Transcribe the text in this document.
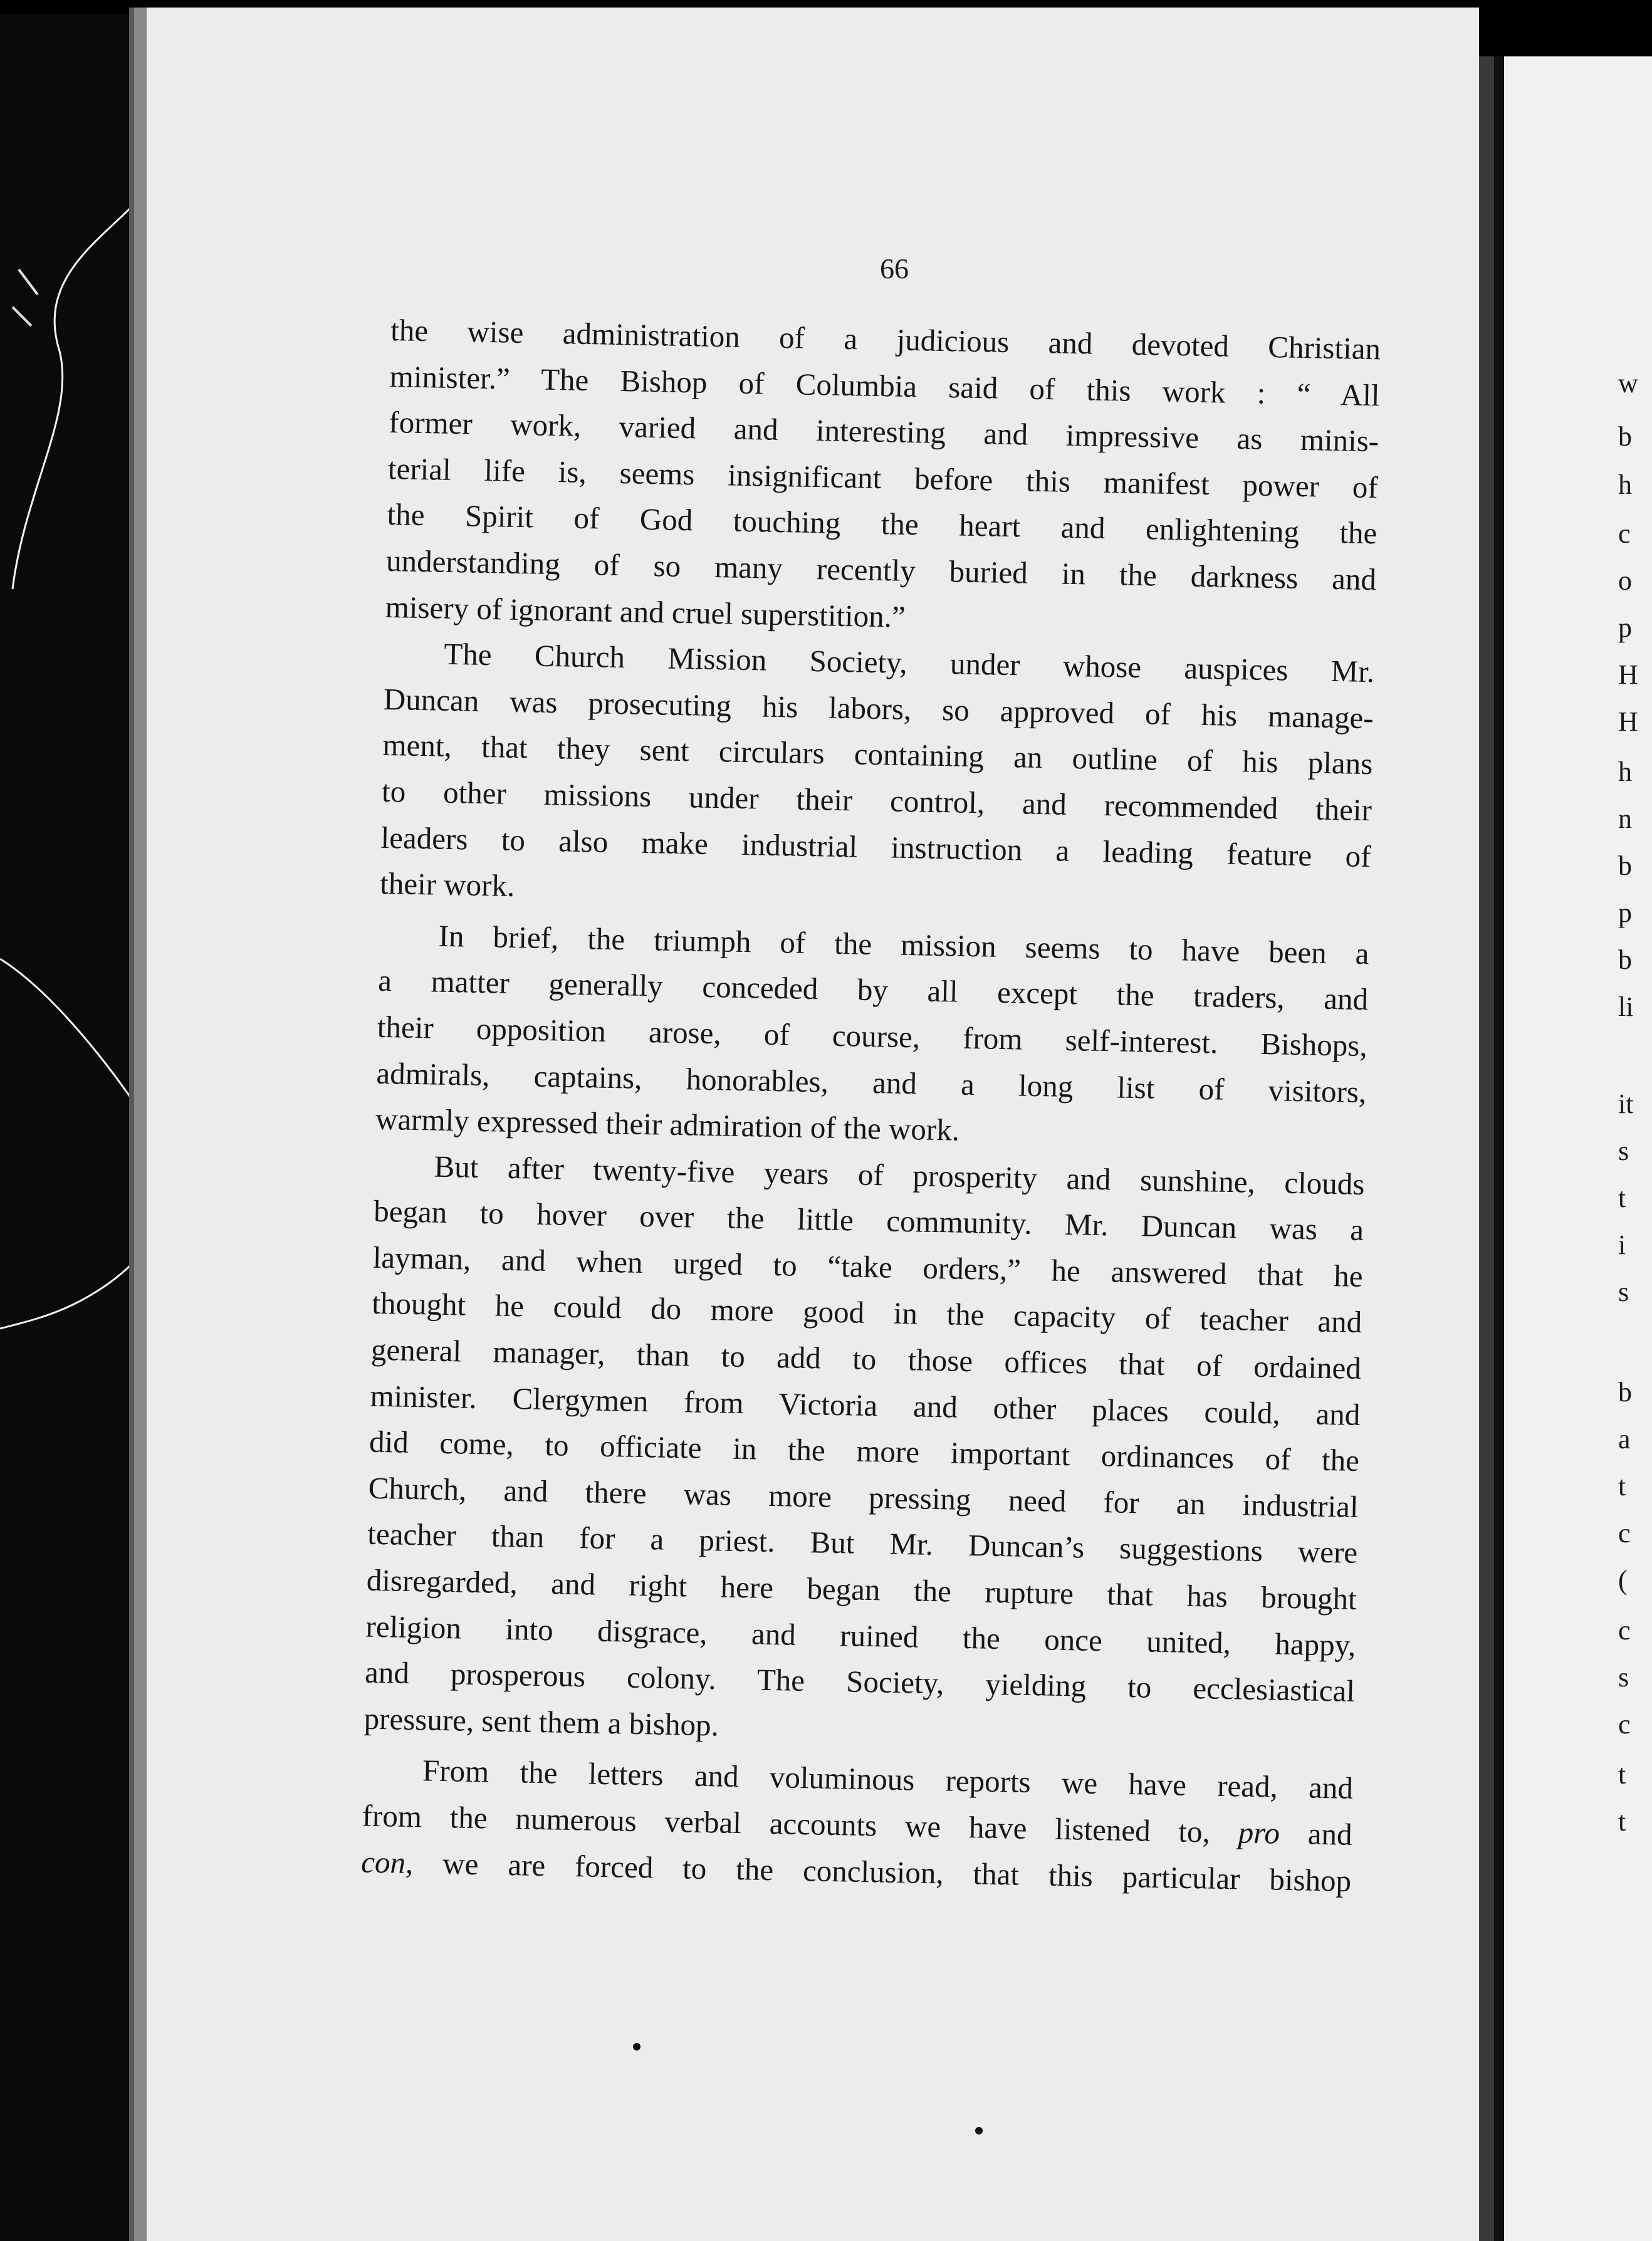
w
b
h
c
o
p
H
H
h
n
b
p
b
li
it
s
t
i
s
b
a
t
c
(
c
s
c
t
t
66
the wise administration of a judicious and devoted Christian
minister.” The Bishop of Columbia said of this work : “ All
former work, varied and interesting and impressive as minis-
terial life is, seems insignificant before this manifest power of
the Spirit of God touching the heart and enlightening the
understanding of so many recently buried in the darkness and
misery of ignorant and cruel superstition.”
The Church Mission Society, under whose auspices Mr.
Duncan was prosecuting his labors, so approved of his manage-
ment, that they sent circulars containing an outline of his plans
to other missions under their control, and recommended their
leaders to also make industrial instruction a leading feature of
their work.
In brief, the triumph of the mission seems to have been a
a matter generally conceded by all except the traders, and
their opposition arose, of course, from self-interest. Bishops,
admirals, captains, honorables, and a long list of visitors,
warmly expressed their admiration of the work.
But after twenty-five years of prosperity and sunshine, clouds
began to hover over the little community. Mr. Duncan was a
layman, and when urged to “take orders,” he answered that he
thought he could do more good in the capacity of teacher and
general manager, than to add to those offices that of ordained
minister. Clergymen from Victoria and other places could, and
did come, to officiate in the more important ordinances of the
Church, and there was more pressing need for an industrial
teacher than for a priest. But Mr. Duncan’s suggestions were
disregarded, and right here began the rupture that has brought
religion into disgrace, and ruined the once united, happy,
and prosperous colony. The Society, yielding to ecclesiastical
pressure, sent them a bishop.
From the letters and voluminous reports we have read, and
from the numerous verbal accounts we have listened to, pro and
con, we are forced to the conclusion, that this particular bishop
